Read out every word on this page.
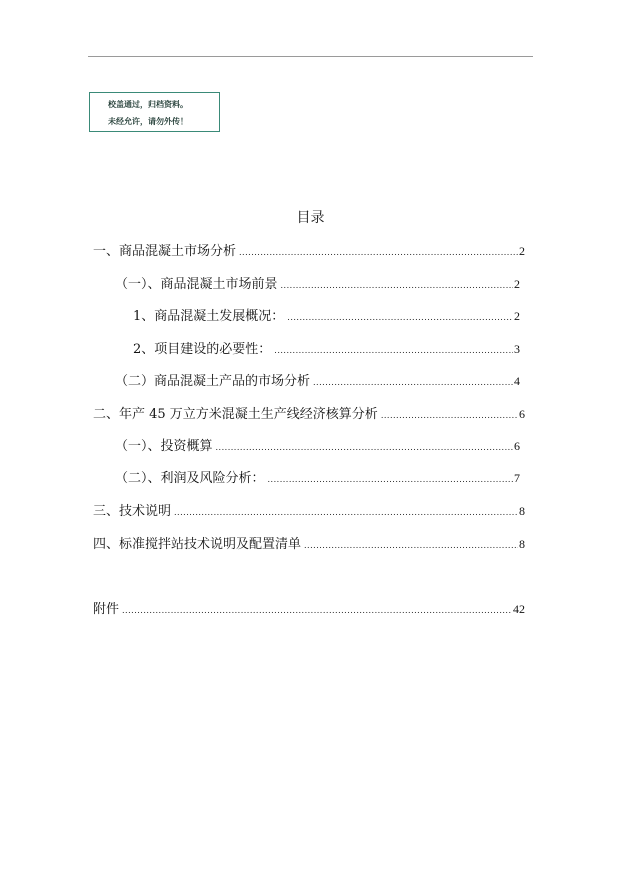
校盖通过，归档资料。
未经允许，请勿外传！
目录
一、商品混凝土市场分析 .....	2
（一）、商品混凝土市场前景 .....	2
1、商品混凝土发展概况： .....	2
2、项目建设的必要性： .....	3
（二）商品混凝土产品的市场分析 .....	4
二、年产 45 万立方米混凝土生产线经济核算分析 .....	6
（一）、投资概算 .....	6
（二）、利润及风险分析： .....	7
三、技术说明 .....	8
四、标准搅拌站技术说明及配置清单 .....	8
附件 .....	42
